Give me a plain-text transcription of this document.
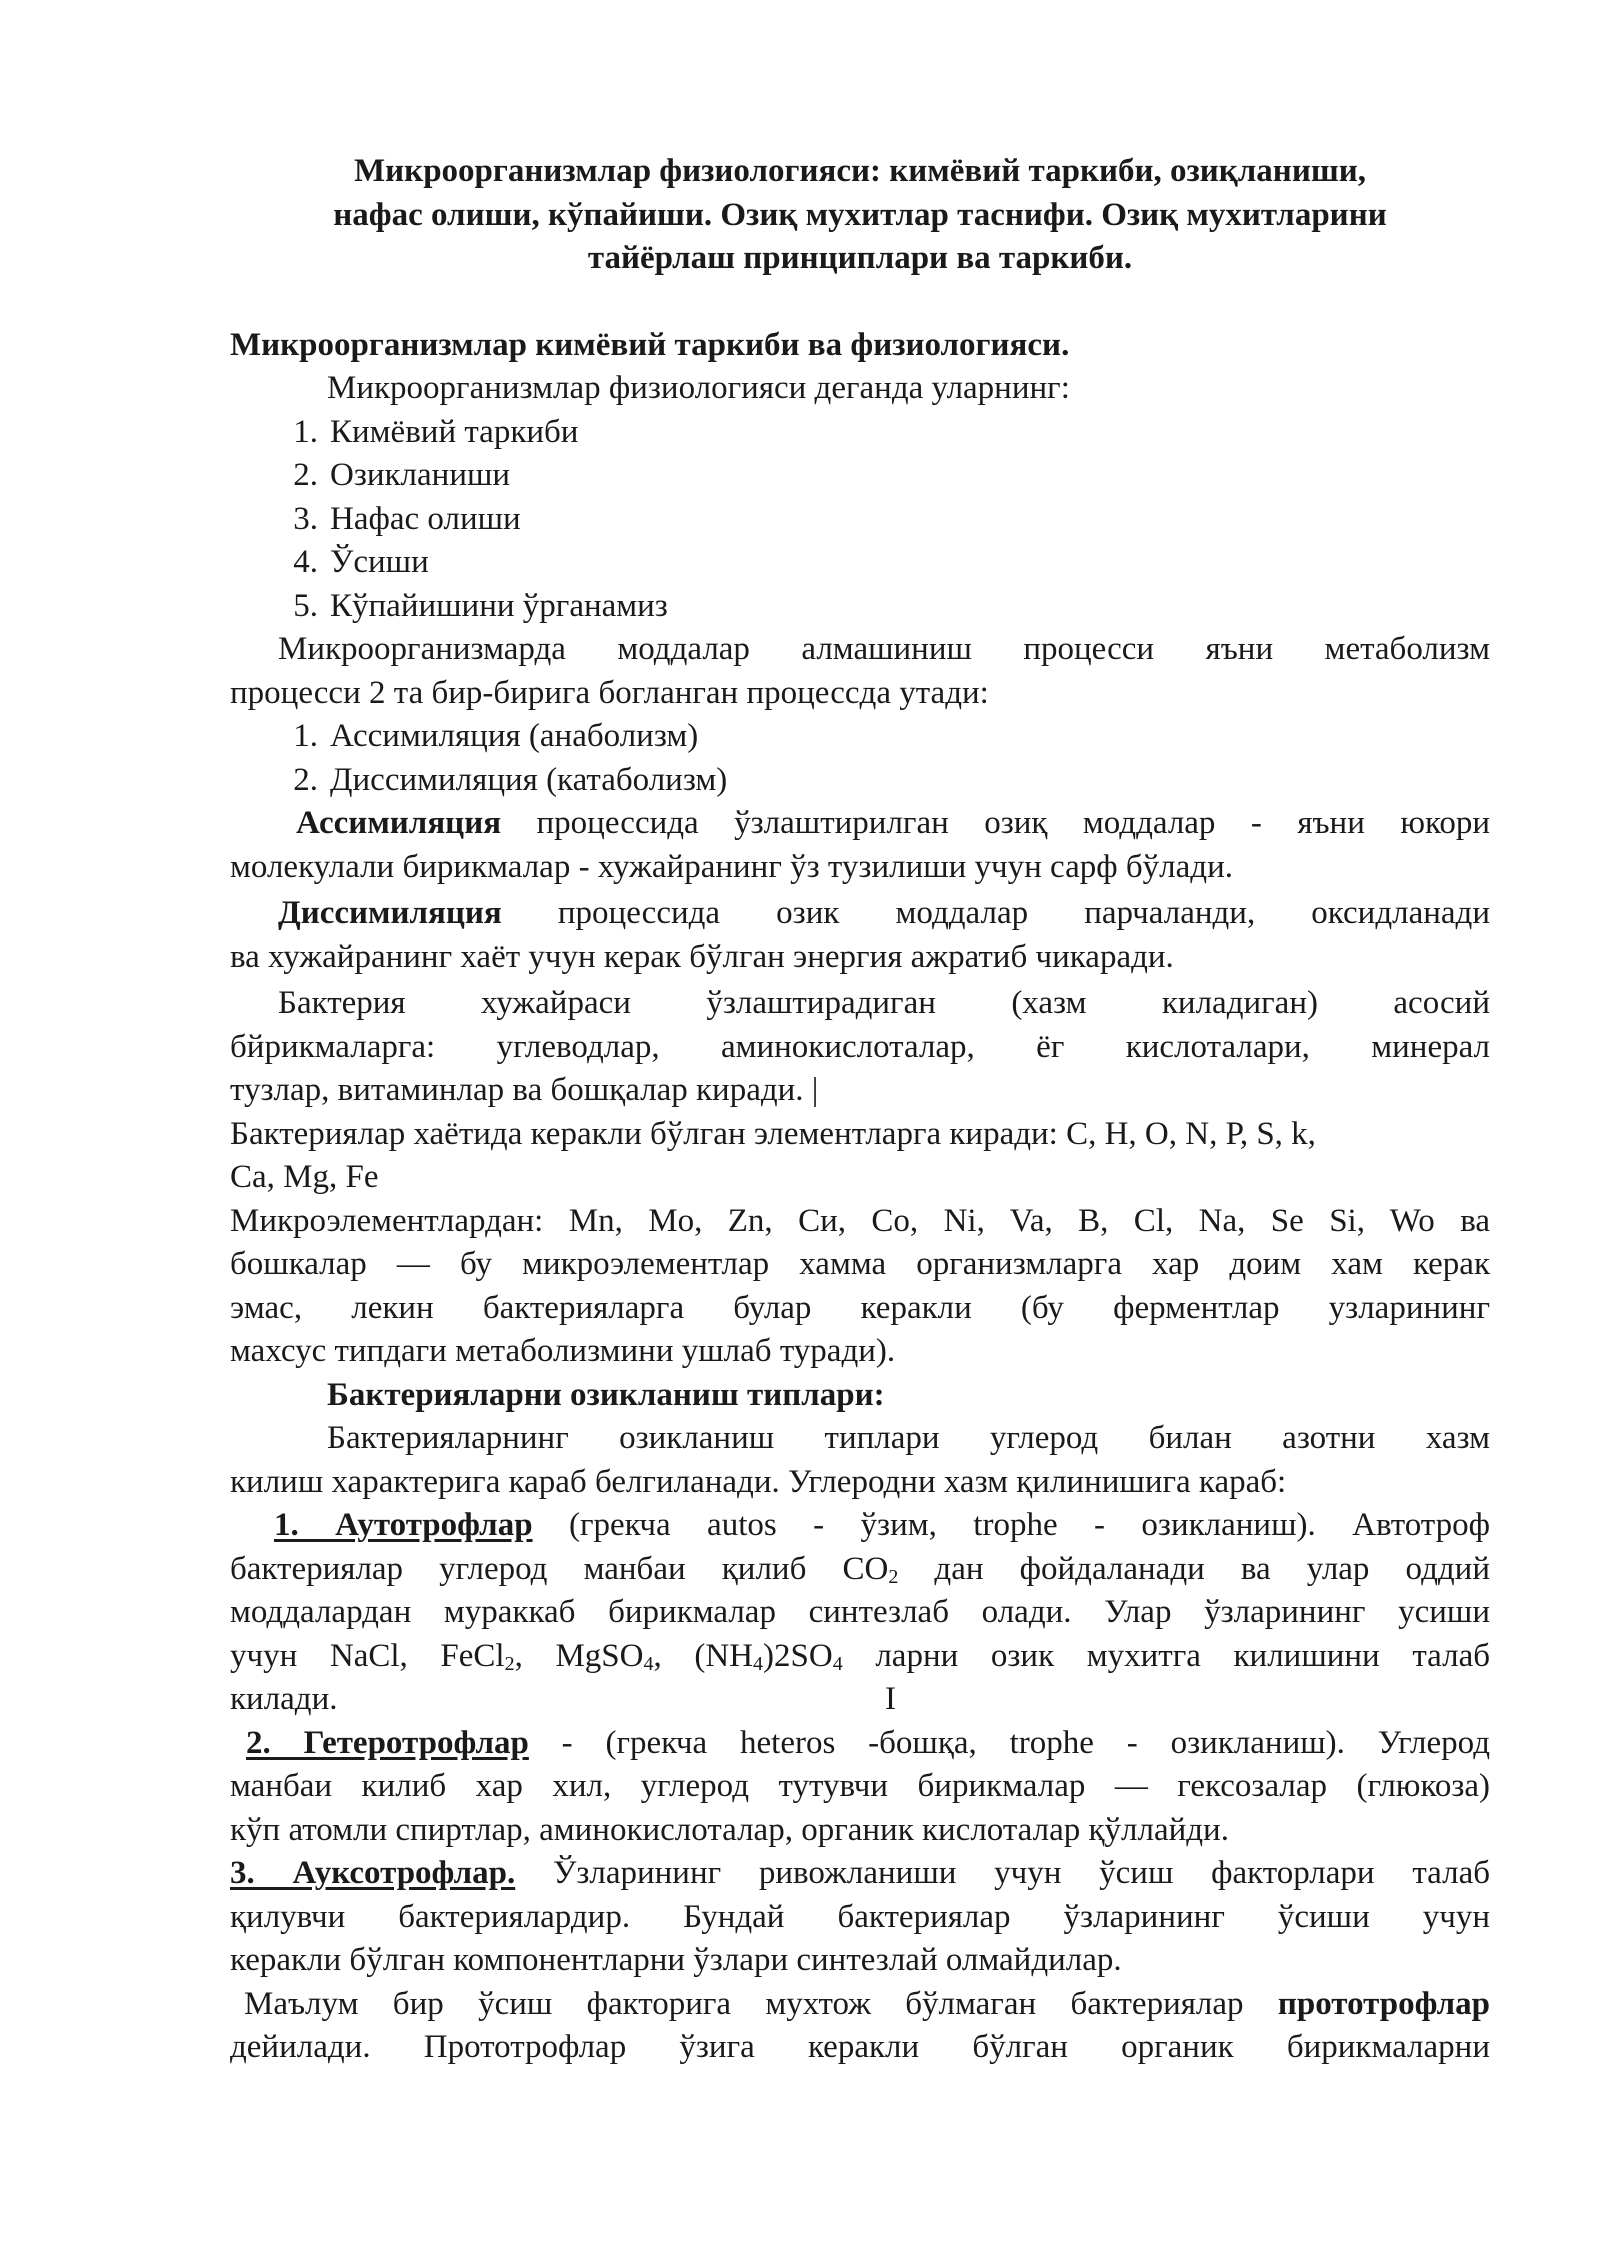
Микроорганизмлар физиологияси: кимёвий таркиби, озиқланиши,
нафас олиши, кўпайиши. Озиқ мухитлар таснифи. Озиқ мухитларини
тайёрлаш принциплари ва таркиби.

Микроорганизмлар кимёвий таркиби ва физиологияси.

Микроорганизмлар физиологияси деганда уларнинг:

1. Кимёвий таркиби
2. Озикланиши
3. Нафас олиши
4. Ўсиши
5. Кўпайишини ўрганамиз

Микроорганизмарда моддалар алмашиниш процесси яъни метаболизм

процесси 2 та бир-бирига богланган процессда утади:

1. Ассимиляция (анаболизм)
2. Диссимиляция (катаболизм)

Ассимиляция процессида ўзлаштирилган озиқ моддалар - яъни юкори

молекулали бирикмалар - хужайранинг ўз тузилиши учун сарф бўлади.

Диссимиляция процессида озик моддалар парчаланди, оксидланади

ва хужайранинг хаёт учун керак бўлган энергия ажратиб чикаради.

Бактерия хужайраси ўзлаштирадиган (хазм киладиган) асосий

бйрикмаларга: углеводлар, аминокислоталар, ёг кислоталари, минерал

тузлар, витаминлар ва бошқалар киради. |

Бактериялар хаётида керакли бўлган элементларга киради: С, Н, О, N, Р, S, k,

Са, Mg, Fe

Микроэлементлардан: Mn, Mo, Zn, Си, Co, Ni, Va, B, Cl, Na, Se Si, Wo ва

бошкалар — бу микроэлементлар хамма организмларга хар доим хам керак

эмас, лекин бактерияларга булар керакли (бу ферментлар узларининг

махсус типдаги метаболизмини ушлаб туради).

Бактерияларни озикланиш типлари:

Бактерияларнинг озикланиш типлари углерод билан азотни хазм

килиш характерига караб белгиланади. Углеродни хазм қилинишига караб:

1. Аутотрофлар (грекча autos - ўзим, trophe - озикланиш). Автотроф

бактериялар углерод манбаи қилиб $СО_2$ дан фойдаланади ва улар оддий

моддалардан мураккаб бирикмалар синтезлаб олади. Улар ўзларининг усиши

учун NaCl, FeCl$_2$, MgSO$_4$, $(NH_4)2SO_4$ ларни озик мухитга килишини талаб

килади.	I

2. Гетеротрофлар - (грекча heteros -бошқа, trophe - озикланиш). Углерод

манбаи килиб хар хил, углерод тутувчи бирикмалар — гексозалар (глюкоза)

кўп атомли спиртлар, аминокислоталар, органик кислоталар қўллайди.

3. Ауксотрофлар. Ўзларининг ривожланиши учун ўсиш факторлари талаб

қилувчи бактериялардир. Бундай бактериялар ўзларининг ўсиши учун

керакли бўлган компонентларни ўзлари синтезлай олмайдилар.

Маълум бир ўсиш факторига мухтож бўлмаган бактериялар прототрофлар

дейилади. Прототрофлар ўзига керакли бўлган органик бирикмаларни
